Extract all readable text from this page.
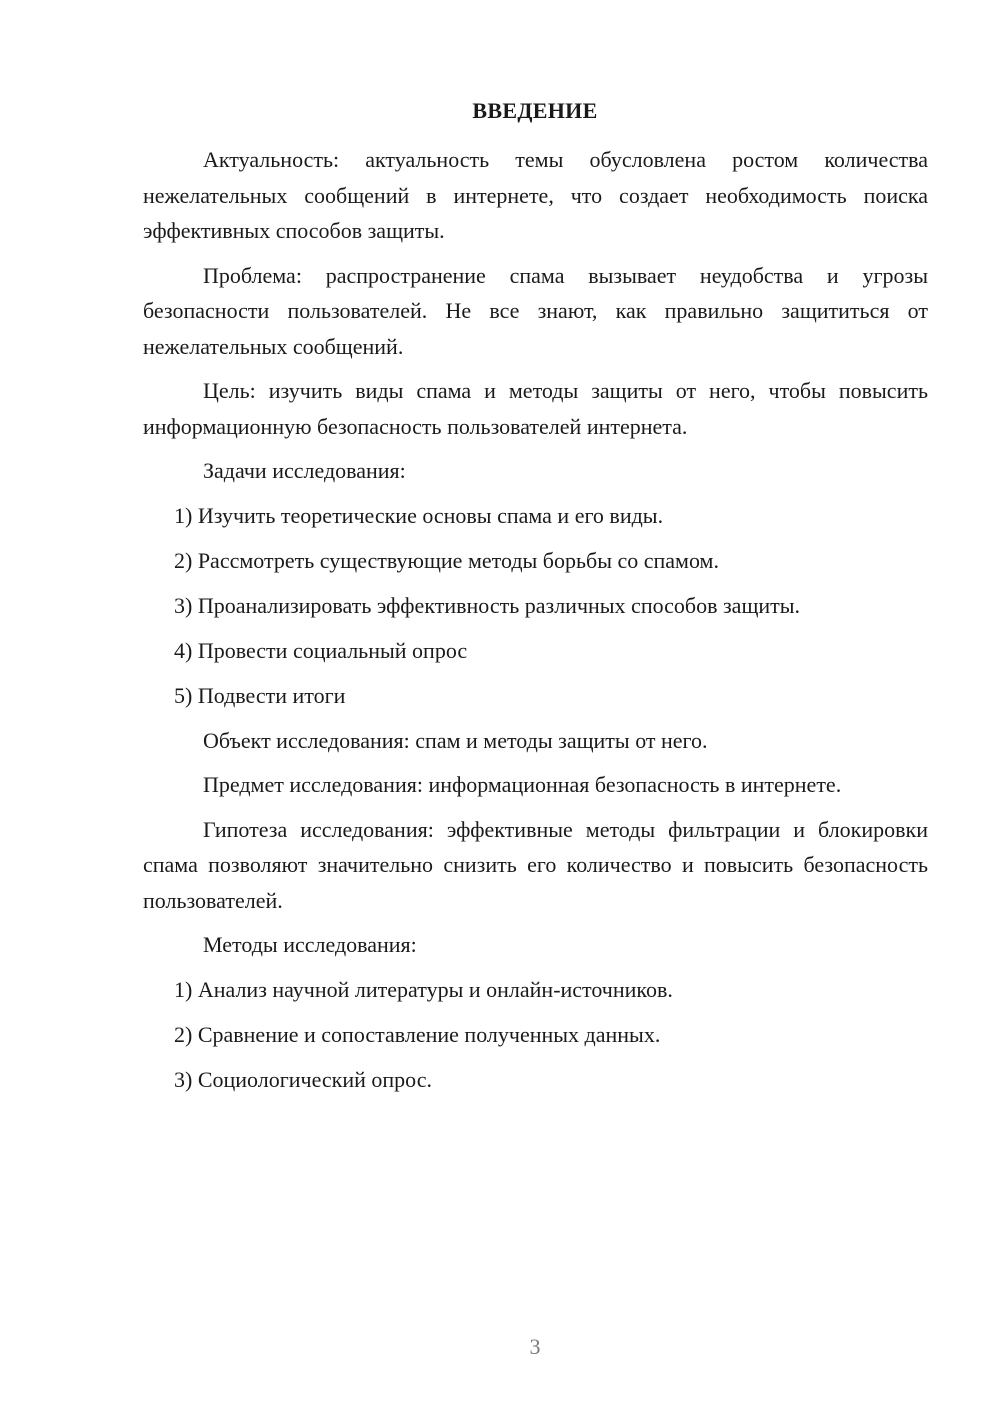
ВВЕДЕНИЕ

Актуальность: актуальность темы обусловлена ростом количества нежелательных сообщений в интернете, что создает необходимость поиска эффективных способов защиты.

Проблема: распространение спама вызывает неудобства и угрозы безопасности пользователей. Не все знают, как правильно защититься от нежелательных сообщений.

Цель: изучить виды спама и методы защиты от него, чтобы повысить информационную безопасность пользователей интернета.

Задачи исследования:

1) Изучить теоретические основы спама и его виды.
2) Рассмотреть существующие методы борьбы со спамом.
3) Проанализировать эффективность различных способов защиты.
4) Провести социальный опрос
5) Подвести итоги

Объект исследования: спам и методы защиты от него.

Предмет исследования: информационная безопасность в интернете.

Гипотеза исследования: эффективные методы фильтрации и блокировки спама позволяют значительно снизить его количество и повысить безопасность пользователей.

Методы исследования:

1) Анализ научной литературы и онлайн-источников.
2) Сравнение и сопоставление полученных данных.
3) Социологический опрос.
3
